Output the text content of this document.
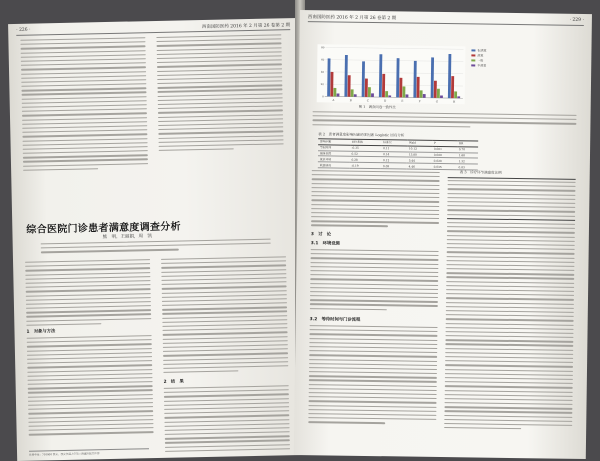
· 226 ·
西南国防医药 2016 年 2 月第 26 卷第 2 期
综合医院门诊患者满意度调查分析
熊　明，王丽娟，周　凯
1　对象与方法
2　结　果
作者单位：710000 西安，西安交通大学第二附属医院门诊部
西南国防医药 2016 年 2 月第 26 卷第 2 期	· 229 ·
0
20
40
60
80
A	B	C	D	E	F	G	H
很满意
满意
一般
不满意
图 1　调查问卷一致性比
表 2　患者满意度影响因素的多因素 Logistic 回归分析
影响因素	回归系数	标准误	Wald	P	OR
等候时间	-0.35	0.11	10.12	0.001	0.70
服务态度	0.52	0.14	13.80	0.000	1.68
就诊环境	0.28	0.12	5.44	0.020	1.32
收费情况	-0.19	0.09	4.46	0.035	0.83
3　讨　论
3.1　环境设施
3.2　等待时间与门诊流程
表 3　诊疗环节满意度比例
